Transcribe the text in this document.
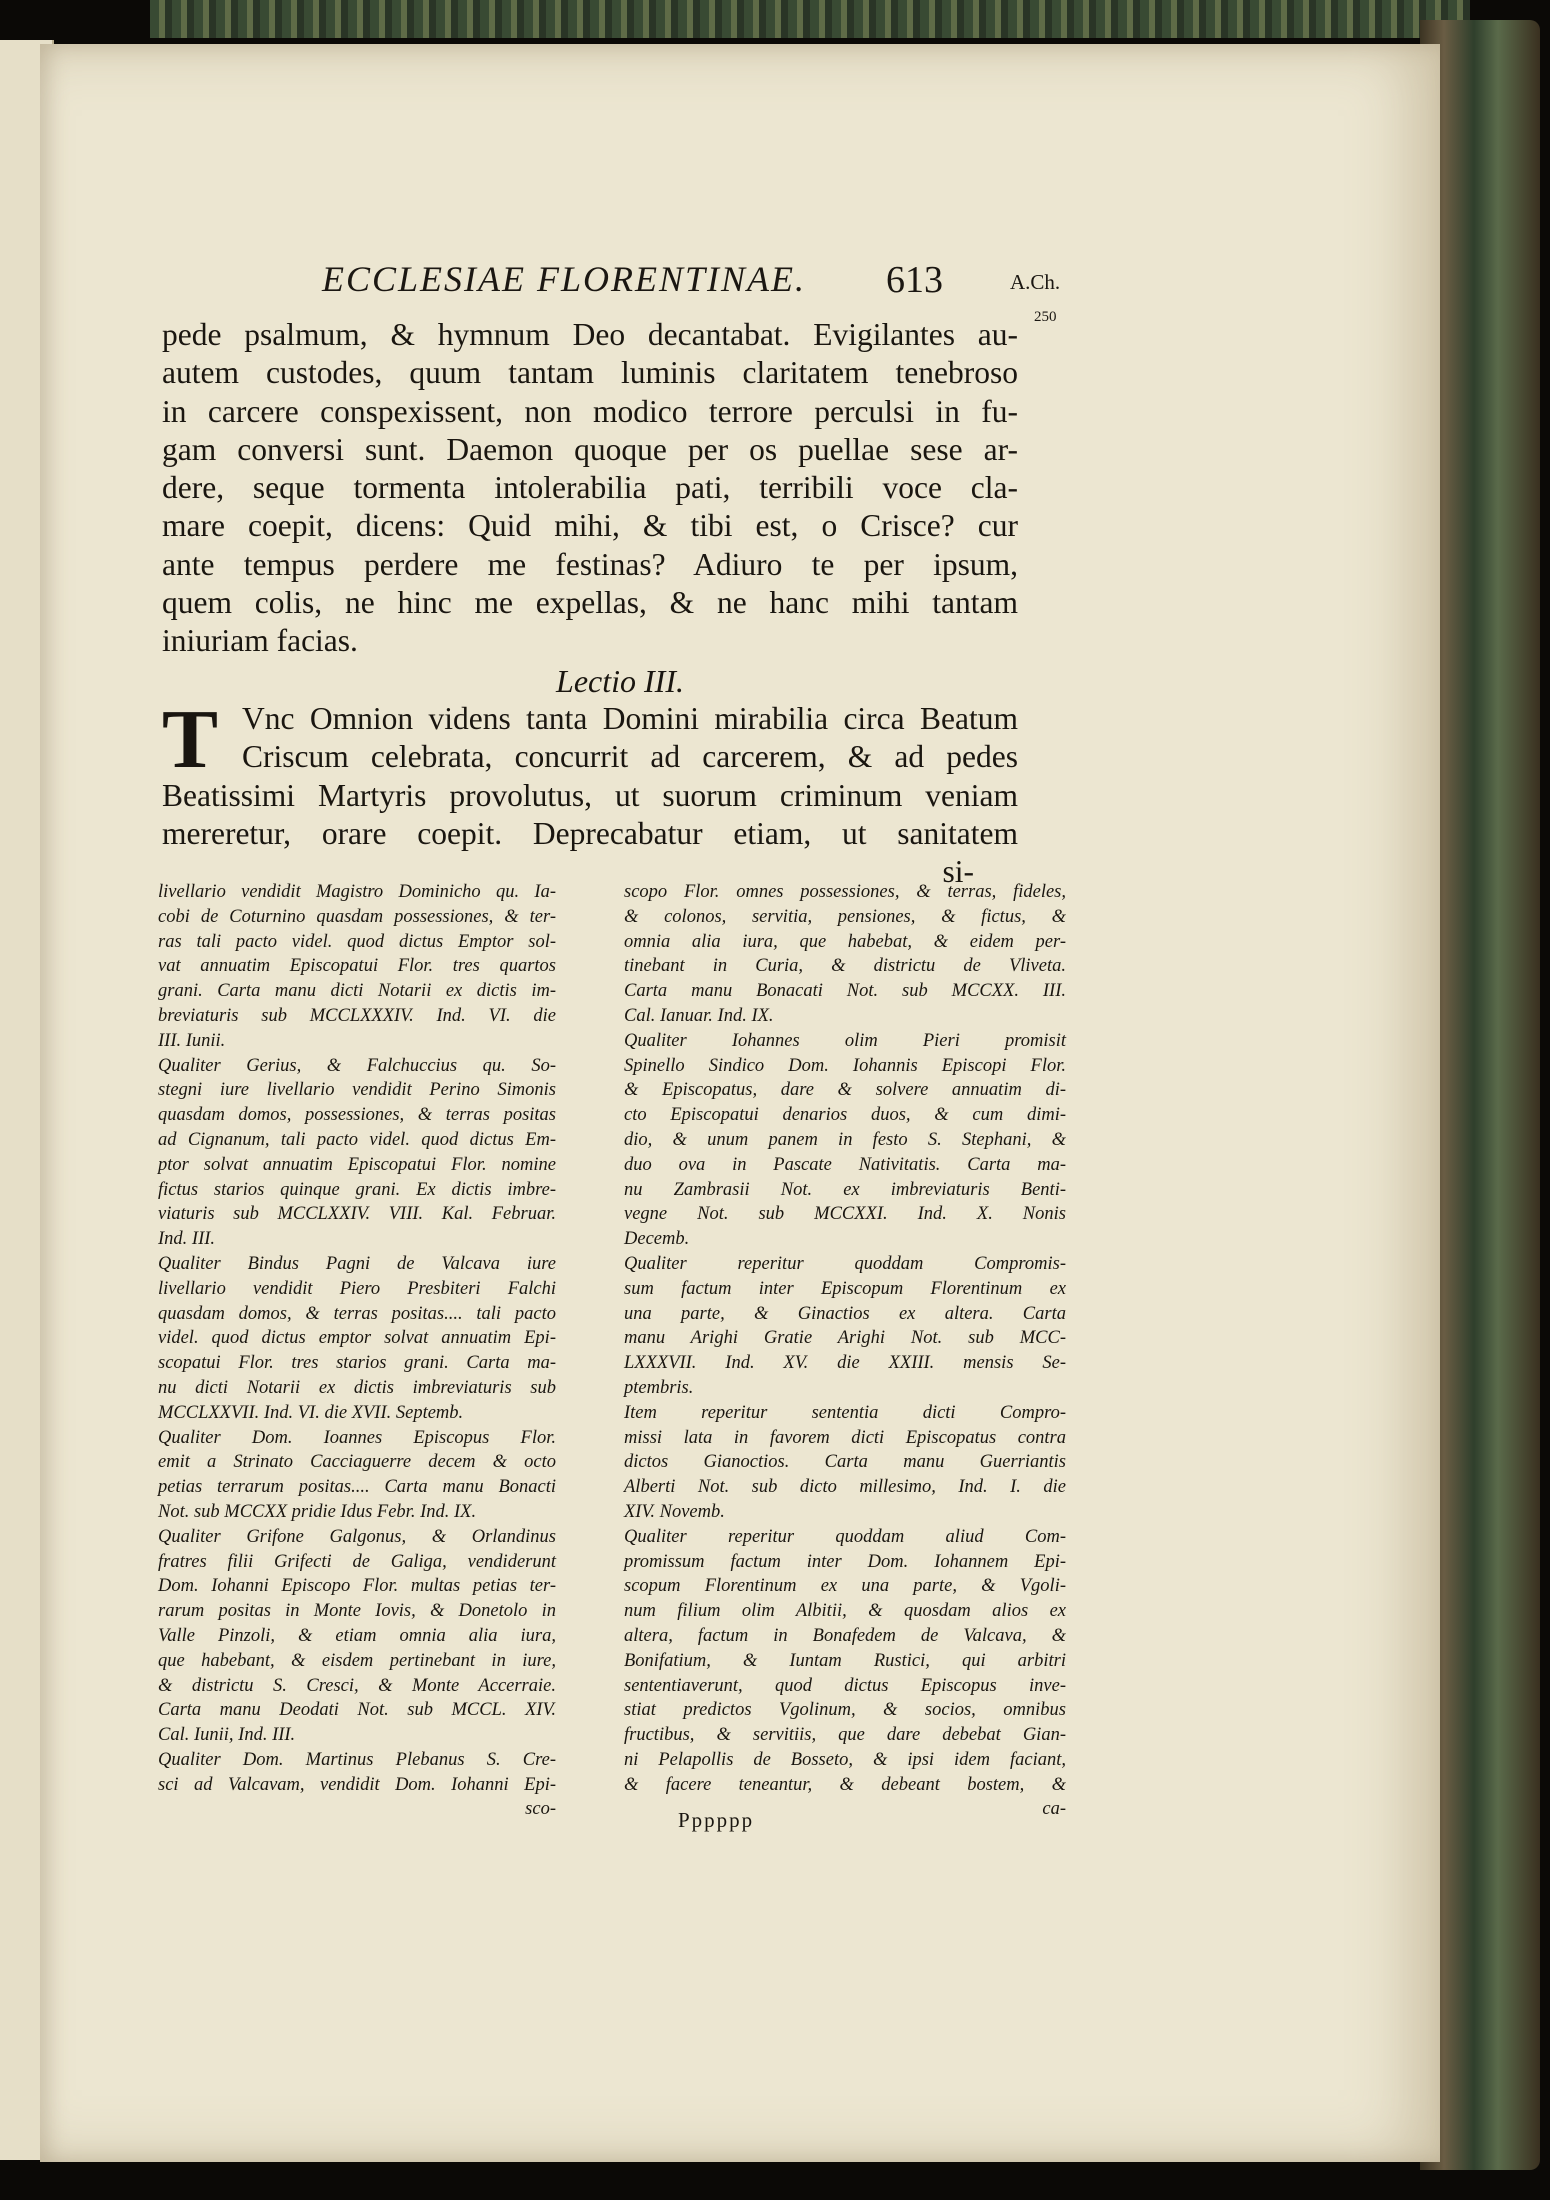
ECCLESIAE FLORENTINAE. 613	A.Ch.
250
pede psalmum, & hymnum Deo decantabat. Evigilantes au-
autem custodes, quum tantam luminis claritatem tenebroso
in carcere conspexissent, non modico terrore perculsi in fu-
gam conversi sunt. Daemon quoque per os puellae sese ar-
dere, seque tormenta intolerabilia pati, terribili voce cla-
mare coepit, dicens: Quid mihi, & tibi est, o Crisce? cur
ante tempus perdere me festinas? Adiuro te per ipsum,
quem colis, ne hinc me expellas, & ne hanc mihi tantam
iniuriam facias.
Lectio III.
T Vnc Omnion videns tanta Domini mirabilia circa Beatum
Criscum celebrata, concurrit ad carcerem, & ad pedes
Beatissimi Martyris provolutus, ut suorum criminum veniam
mereretur, orare coepit. Deprecabatur etiam, ut sanitatem
si-
livellario vendidit Magistro Dominicho qu. Ia-
cobi de Coturnino quasdam possessiones, & ter-
ras tali pacto videl. quod dictus Emptor sol-
vat annuatim Episcopatui Flor. tres quartos
grani. Carta manu dicti Notarii ex dictis im-
breviaturis sub MCCLXXXIV. Ind. VI. die
III. Iunii.
Qualiter Gerius, & Falchuccius qu. So-
stegni iure livellario vendidit Perino Simonis
quasdam domos, possessiones, & terras positas
ad Cignanum, tali pacto videl. quod dictus Em-
ptor solvat annuatim Episcopatui Flor. nomine
fictus starios quinque grani. Ex dictis imbre-
viaturis sub MCCLXXIV. VIII. Kal. Februar.
Ind. III.
Qualiter Bindus Pagni de Valcava iure
livellario vendidit Piero Presbiteri Falchi
quasdam domos, & terras positas.... tali pacto
videl. quod dictus emptor solvat annuatim Epi-
scopatui Flor. tres starios grani. Carta ma-
nu dicti Notarii ex dictis imbreviaturis sub
MCCLXXVII. Ind. VI. die XVII. Septemb.
Qualiter Dom. Ioannes Episcopus Flor.
emit a Strinato Cacciaguerre decem & octo
petias terrarum positas.... Carta manu Bonacti
Not. sub MCCXX pridie Idus Febr. Ind. IX.
Qualiter Grifone Galgonus, & Orlandinus
fratres filii Grifecti de Galiga, vendiderunt
Dom. Iohanni Episcopo Flor. multas petias ter-
rarum positas in Monte Iovis, & Donetolo in
Valle Pinzoli, & etiam omnia alia iura,
que habebant, & eisdem pertinebant in iure,
& districtu S. Cresci, & Monte Accerraie.
Carta manu Deodati Not. sub MCCL. XIV.
Cal. Iunii, Ind. III.
Qualiter Dom. Martinus Plebanus S. Cre-
sci ad Valcavam, vendidit Dom. Iohanni Epi-
sco-
scopo Flor. omnes possessiones, & terras, fideles,
& colonos, servitia, pensiones, & fictus, &
omnia alia iura, que habebat, & eidem per-
tinebant in Curia, & districtu de Vliveta.
Carta manu Bonacati Not. sub MCCXX. III.
Cal. Ianuar. Ind. IX.
Qualiter Iohannes olim Pieri promisit
Spinello Sindico Dom. Iohannis Episcopi Flor.
& Episcopatus, dare & solvere annuatim di-
cto Episcopatui denarios duos, & cum dimi-
dio, & unum panem in festo S. Stephani, &
duo ova in Pascate Nativitatis. Carta ma-
nu Zambrasii Not. ex imbreviaturis Benti-
vegne Not. sub MCCXXI. Ind. X. Nonis
Decemb.
Qualiter reperitur quoddam Compromis-
sum factum inter Episcopum Florentinum ex
una parte, & Ginactios ex altera. Carta
manu Arighi Gratie Arighi Not. sub MCC-
LXXXVII. Ind. XV. die XXIII. mensis Se-
ptembris.
Item reperitur sententia dicti Compro-
missi lata in favorem dicti Episcopatus contra
dictos Gianoctios. Carta manu Guerriantis
Alberti Not. sub dicto millesimo, Ind. I. die
XIV. Novemb.
Qualiter reperitur quoddam aliud Com-
promissum factum inter Dom. Iohannem Epi-
scopum Florentinum ex una parte, & Vgoli-
num filium olim Albitii, & quosdam alios ex
altera, factum in Bonafedem de Valcava, &
Bonifatium, & Iuntam Rustici, qui arbitri
sententiaverunt, quod dictus Episcopus inve-
stiat predictos Vgolinum, & socios, omnibus
fructibus, & servitiis, que dare debebat Gian-
ni Pelapollis de Bosseto, & ipsi idem faciant,
& facere teneantur, & debeant bostem, &
ca-
Pppppp
